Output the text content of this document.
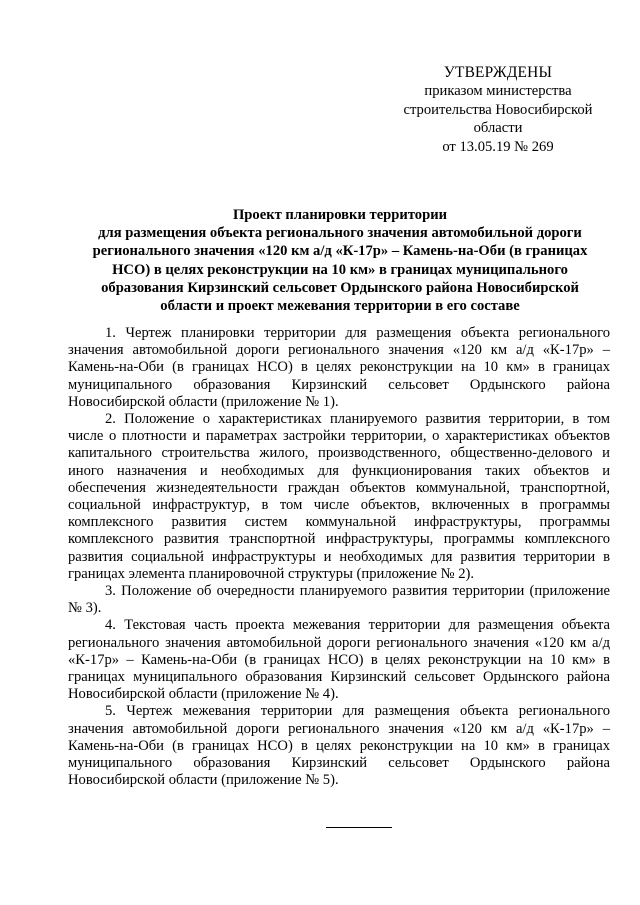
УТВЕРЖДЕНЫ
приказом министерства
строительства Новосибирской
области
от 13.05.19 № 269
Проект планировки территории
для размещения объекта регионального значения автомобильной дороги
регионального значения «120 км а/д «К-17р» – Камень-на-Оби (в границах
НСО) в целях реконструкции на 10 км» в границах муниципального
образования Кирзинский сельсовет Ордынского района Новосибирской
области и проект межевания территории в его составе

1. Чертеж планировки территории для размещения объекта регионального значения автомобильной дороги регионального значения «120 км а/д «К-17р» – Камень-на-Оби (в границах НСО) в целях реконструкции на 10 км» в границах муниципального образования Кирзинский сельсовет Ордынского района Новосибирской области (приложение № 1).

2. Положение о характеристиках планируемого развития территории, в том числе о плотности и параметрах застройки территории, о характеристиках объектов капитального строительства жилого, производственного, общественно-делового и иного назначения и необходимых для функционирования таких объектов и обеспечения жизнедеятельности граждан объектов коммунальной, транспортной, социальной инфраструктур, в том числе объектов, включенных в программы комплексного развития систем коммунальной инфраструктуры, программы комплексного развития транспортной инфраструктуры, программы комплексного развития социальной инфраструктуры и необходимых для развития территории в границах элемента планировочной структуры (приложение № 2).

3. Положение об очередности планируемого развития территории (приложение № 3).

4. Текстовая часть проекта межевания территории для размещения объекта регионального значения автомобильной дороги регионального значения «120 км а/д «К-17р» – Камень-на-Оби (в границах НСО) в целях реконструкции на 10 км» в границах муниципального образования Кирзинский сельсовет Ордынского района Новосибирской области (приложение № 4).

5. Чертеж межевания территории для размещения объекта регионального значения автомобильной дороги регионального значения «120 км а/д «К-17р» – Камень-на-Оби (в границах НСО) в целях реконструкции на 10 км» в границах муниципального образования Кирзинский сельсовет Ордынского района Новосибирской области (приложение № 5).
